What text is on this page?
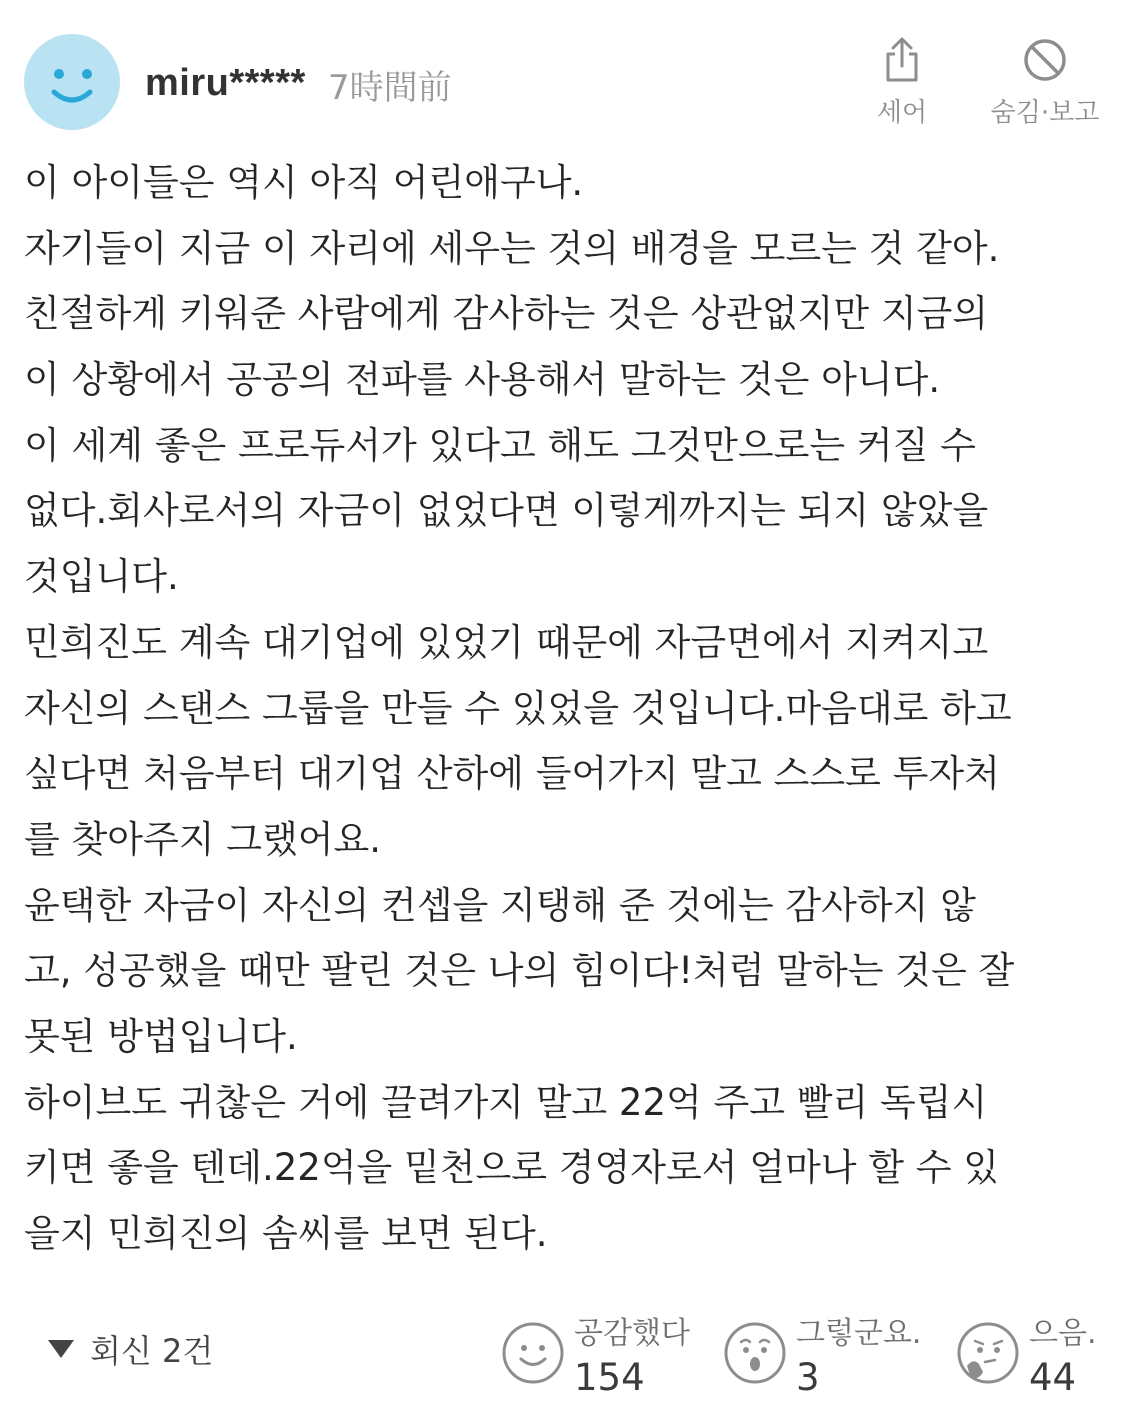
miru***** 7時間前
세어	숨김·보고
이 아이들은 역시 아직 어린애구나.
자기들이 지금 이 자리에 세우는 것의 배경을 모르는 것 같아.
친절하게 키워준 사람에게 감사하는 것은 상관없지만 지금의
이 상황에서 공공의 전파를 사용해서 말하는 것은 아니다.
이 세계 좋은 프로듀서가 있다고 해도 그것만으로는 커질 수
없다.회사로서의 자금이 없었다면 이렇게까지는 되지 않았을
것입니다.
민희진도 계속 대기업에 있었기 때문에 자금면에서 지켜지고
자신의 스탠스 그룹을 만들 수 있었을 것입니다.마음대로 하고
싶다면 처음부터 대기업 산하에 들어가지 말고 스스로 투자처
를 찾아주지 그랬어요.
윤택한 자금이 자신의 컨셉을 지탱해 준 것에는 감사하지 않
고, 성공했을 때만 팔린 것은 나의 힘이다!처럼 말하는 것은 잘
못된 방법입니다.
하이브도 귀찮은 거에 끌려가지 말고 22억 주고 빨리 독립시
키면 좋을 텐데.22억을 밑천으로 경영자로서 얼마나 할 수 있
을지 민희진의 솜씨를 보면 된다.
회신 2건	공감했다
154
그렇군요.
3
으음.
44
